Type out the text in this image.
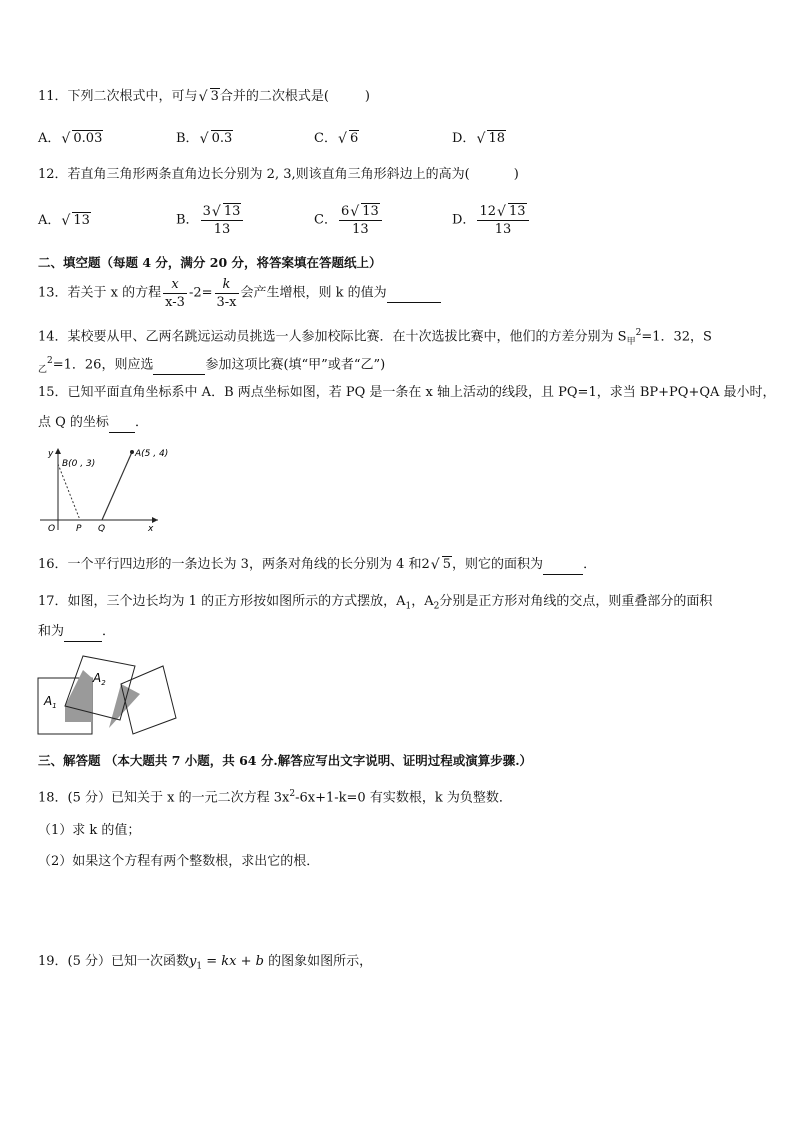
11．下列二次根式中，可与 √ 3合并的二次根式是(	)
A． √ 0.03	B． √ 0.3	C． √ 6	D． √ 18
12．若直角三角形两条直角边长分别为 2, 3,则该直角三角形斜边上的高为(	)
A． √ 13	B． $\frac{3 √ 13}{13}$	C． $\frac{6 √ 13}{13}$	D． $\frac{12 √ 13}{13}$
二、填空题（每题 4 分，满分 20 分，将答案填在答题纸上）
13．若关于 x 的方程 $\frac{x}{x-3} -2= \frac{k}{3-x}$ 会产生增根，则 k 的值为
14．某校要从甲、乙两名跳远运动员挑选一人参加校际比赛．在十次选拔比赛中，他们的方差分别为 $S_甲^2=1$．32，S
$_乙^2$=1．26，则应选	参加这项比赛(填“甲”或者“乙”)
15．已知平面直角坐标系中 A．B 两点坐标如图，若 PQ 是一条在 x 轴上活动的线段，且 PQ=1，求当 BP+PQ+QA 最小时，
点 Q 的坐标 ．
y
x
B(0 , 3)
A(5 , 4)
O P Q
16．一个平行四边形的一条边长为 3，两条对角线的长分别为 4 和2 √ 5，则它的面积为	．
17．如图，三个边长均为 1 的正方形按如图所示的方式摆放，$A_1$，$A_2$分别是正方形对角线的交点，则重叠部分的面积
和为	．
$A_1$
$A_2$
三、解答题 （本大题共 7 小题，共 64 分.解答应写出文字说明、证明过程或演算步骤.）
18．(5 分）已知关于 x 的一元二次方程 $3x^2-6x+1-k=0$ 有实数根，k 为负整数．
（1）求 k 的值；
（2）如果这个方程有两个整数根，求出它的根．
19．(5 分）已知一次函数$y_1$ = kx + b 的图象如图所示，
